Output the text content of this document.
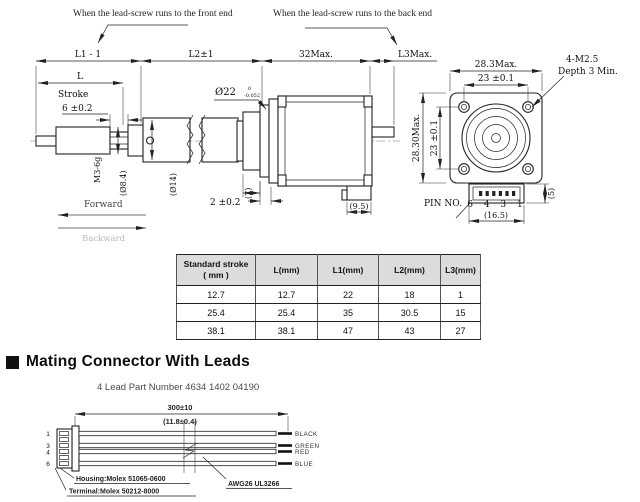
When the lead-screw runs to the front end	When the lead-screw runs to the back end
L1 - 1	L2±1	32Max.	L3Max.
L
Stroke
6 ±0.2
M3-6g
(Ø8.4)	(Ø14)
Ø22 0
-0.052
2 ±0.2
(7)
(9.5)
Forward
Backward
28.3Max.
23 ±0.1
28.30Max. 23 ±0.1
4-M2.5
Depth 3 Min.
PIN NO. 6 4 3 1
(16.5)
(5)
Standard stroke
( mm )	L(mm)	L1(mm)	L2(mm)	L3(mm)
12.7	12.7	22	18	1
25.4	25.4	35	30.5	15
38.1	38.1	47	43	27
Mating Connector With Leads
4 Lead Part Number 4634 1402 04190
300±10
(11.8±0.4)
1
3
4
6
BLACK
GREEN
RED
BLUE
Housing:Molex 51065-0600
Terminal:Molex 50212-8000
AWG26 UL3266
